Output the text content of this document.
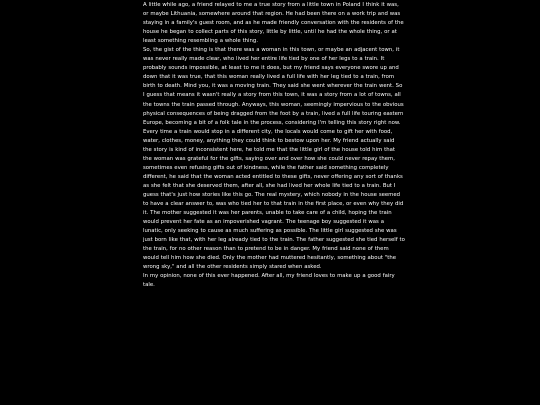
A little while ago, a friend relayed to me a true story from a little town in Poland I think it was, or maybe Lithuania, somewhere around that region. He had been there on a work trip and was staying in a family's guest room, and as he made friendly conversation with the residents of the house he began to collect parts of this story, little by little, until he had the whole thing, or at least something resembling a whole thing.

So, the gist of the thing is that there was a woman in this town, or maybe an adjacent town, it was never really made clear, who lived her entire life tied by one of her legs to a train. It probably sounds impossible, at least to me it does, but my friend says everyone swore up and down that it was true, that this woman really lived a full life with her leg tied to a train, from birth to death. Mind you, it was a moving train. They said she went wherever the train went. So I guess that means it wasn't really a story from this town, it was a story from a lot of towns, all the towns the train passed through. Anyways, this woman, seemingly impervious to the obvious physical consequences of being dragged from the foot by a train, lived a full life touring eastern Europe, becoming a bit of a folk tale in the process, considering I'm telling this story right now. Every time a train would stop in a different city, the locals would come to gift her with food, water, clothes, money, anything they could think to bestow upon her. My friend actually said the story is kind of inconsistent here, he told me that the little girl of the house told him that the woman was grateful for the gifts, saying over and over how she could never repay them, sometimes even refusing gifts out of kindness, while the father said something completely different, he said that the woman acted entitled to these gifts, never offering any sort of thanks as she felt that she deserved them, after all, she had lived her whole life tied to a train. But I guess that's just how stories like this go. The real mystery, which nobody in the house seemed to have a clear answer to, was who tied her to that train in the first place, or even why they did it. The mother suggested it was her parents, unable to take care of a child, hoping the train would prevent her fate as an impoverished vagrant. The teenage boy suggested it was a lunatic, only seeking to cause as much suffering as possible. The little girl suggested she was just born like that, with her leg already tied to the train. The father suggested she tied herself to the train, for no other reason than to pretend to be in danger. My friend said none of them would tell him how she died. Only the mother had muttered hesitantly, something about "the wrong sky," and all the other residents simply stared when asked.

In my opinion, none of this ever happened. After all, my friend loves to make up a good fairy tale.
